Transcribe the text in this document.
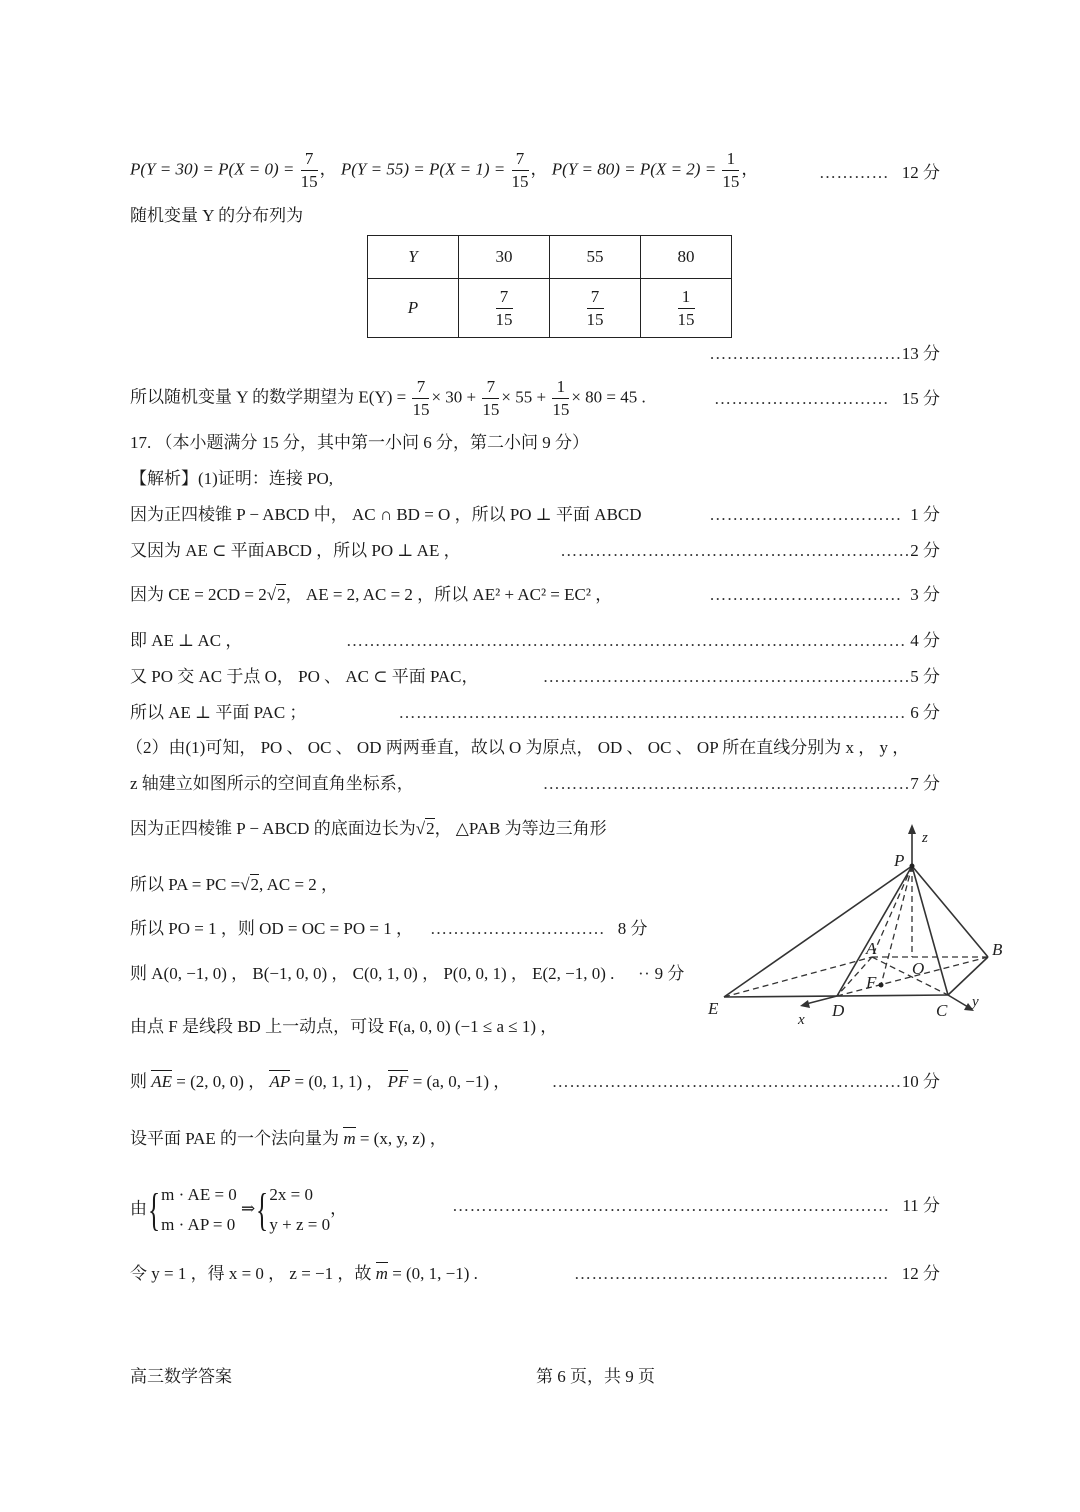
$P(Y = 30) = P(X = 0) = \frac{7}{15}$ ， $P(Y = 55) = P(X = 1) = \frac{7}{15}$ ， $P(Y = 80) = P(X = 2) = \frac{1}{15}$ ，	………… 12 分
随机变量 Y 的分布列为
Y	30	55	80
P	$\frac{7}{15}$	$\frac{7}{15}$	$\frac{1}{15}$
……………………………13 分
所以随机变量 Y 的数学期望为 $E(Y) = \frac{7}{15} \times 30 + \frac{7}{15} \times 55 + \frac{1}{15} \times 80 = 45$ .	………………………… 15 分
17. （本小题满分 15 分，其中第一小问 6 分，第二小问 9 分）
【解析】(1)证明：连接 PO,
因为正四棱锥 P − ABCD 中， AC ∩ BD = O ，所以 PO ⊥ 平面 ABCD	…………………………… 1 分
又因为 AE ⊂ 平面ABCD ，所以 PO ⊥ AE ，	……………………………………………………2 分
因为 CE = 2CD = 2√2， AE = 2, AC = 2 ，所以 AE² + AC² = EC² ，	…………………………… 3 分
即 AE ⊥ AC ，	…………………………………………………………………………………… 4 分
又 PO 交 AC 于点 O， PO 、 AC ⊂ 平面 PAC，	………………………………………………………5 分
所以 AE ⊥ 平面 PAC ；	…………………………………………………………………………… 6 分
（2）由(1)可知， PO 、 OC 、 OD 两两垂直，故以 O 为原点， OD 、 OC 、 OP 所在直线分别为 x ， y ，
z 轴建立如图所示的空间直角坐标系，	………………………………………………………7 分
因为正四棱锥 P − ABCD 的底面边长为√2， △PAB 为等边三角形
所以 PA = PC =√2, AC = 2 ，
所以 PO = 1 ，则 OD = OC = PO = 1 ， ………………………… 8 分
则 A(0, −1, 0) ， B(−1, 0, 0) ， C(0, 1, 0) ， P(0, 0, 1) ， E(2, −1, 0) . ·· 9 分
P
z
A	B
O
F
E	D	C y
x
由点 F 是线段 BD 上一动点，可设 F(a, 0, 0) (−1 ≤ a ≤ 1) ，
则 AE = (2, 0, 0) ， AP = (0, 1, 1) ， PF = (a, 0, −1) ， ……………………………………………………10 分
设平面 PAE 的一个法向量为 m = (x, y, z) ，
由{m · AE = 0
m · AP = 0 ⇒{2x = 0
y + z = 0，	………………………………………………………………… 11 分
令 y = 1 ，得 x = 0 ， z = −1 ，故 m = (0, 1, −1) .	……………………………………………… 12 分
高三数学答案	第 6 页，共 9 页
